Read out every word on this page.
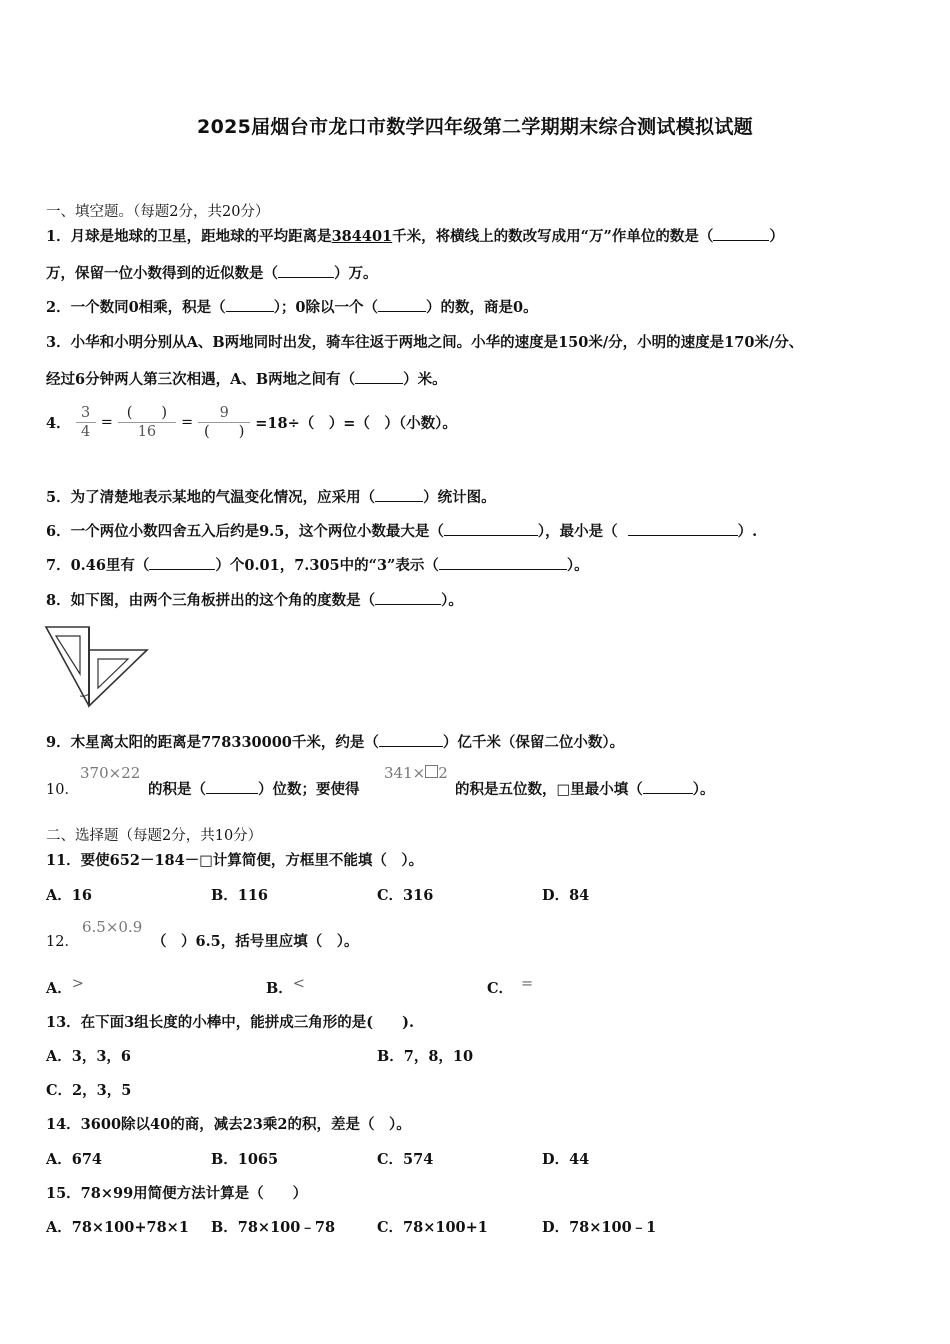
2025届烟台市龙口市数学四年级第二学期期末综合测试模拟试题
一、填空题。（每题2分，共20分）
1．月球是地球的卫星，距地球的平均距离是384401千米，将横线上的数改写成用“万”作单位的数是（	）
万，保留一位小数得到的近似数是（	）万。
2．一个数同0相乘，积是（	）；0除以一个（	）的数，商是0。
3．小华和小明分别从A、B两地同时出发，骑车往返于两地之间。小华的速度是150米/分，小明的速度是170米/分、
经过6分钟两人第三次相遇，A、B两地之间有（	）米。
4． $\frac{3}{4} = \frac{( )}{16} = \frac{9}{( )} =18\div$（　）=（　）（小数）。
5．为了清楚地表示某地的气温变化情况，应采用（	）统计图。
6．一个两位小数四舍五入后约是9.5，这个两位小数最大是（	），最小是（	）.
7．0.46里有（	）个0.01，7.305中的“3”表示（	）。
8．如下图，由两个三角板拼出的这个角的度数是（	）。
9．木星离太阳的距离是778330000千米，约是（	）亿千米（保留二位小数）。
10．
370×22
的积是（	）位数；要使得
341× 2
的积是五位数，□里最小填（	）。
二、选择题（每题2分，共10分）
11．要使652－184－□计算简便，方框里不能填（　）。
A．16	B．116	C．316	D．84
12．
6.5×0.9
（　）6.5，括号里应填（　）。
A．>	B．<	C． =
13．在下面3组长度的小棒中，能拼成三角形的是(　　).
A．3，3，6	B．7，8，10
C．2，3，5
14．3600除以40的商，减去23乘2的积，差是（　）。
A．674	B．1065	C．574	D．44
15．78×99用简便方法计算是（　　）
A．78×100+78×1 B．78×100﹣78	C．78×100+1	D．78×100﹣1
